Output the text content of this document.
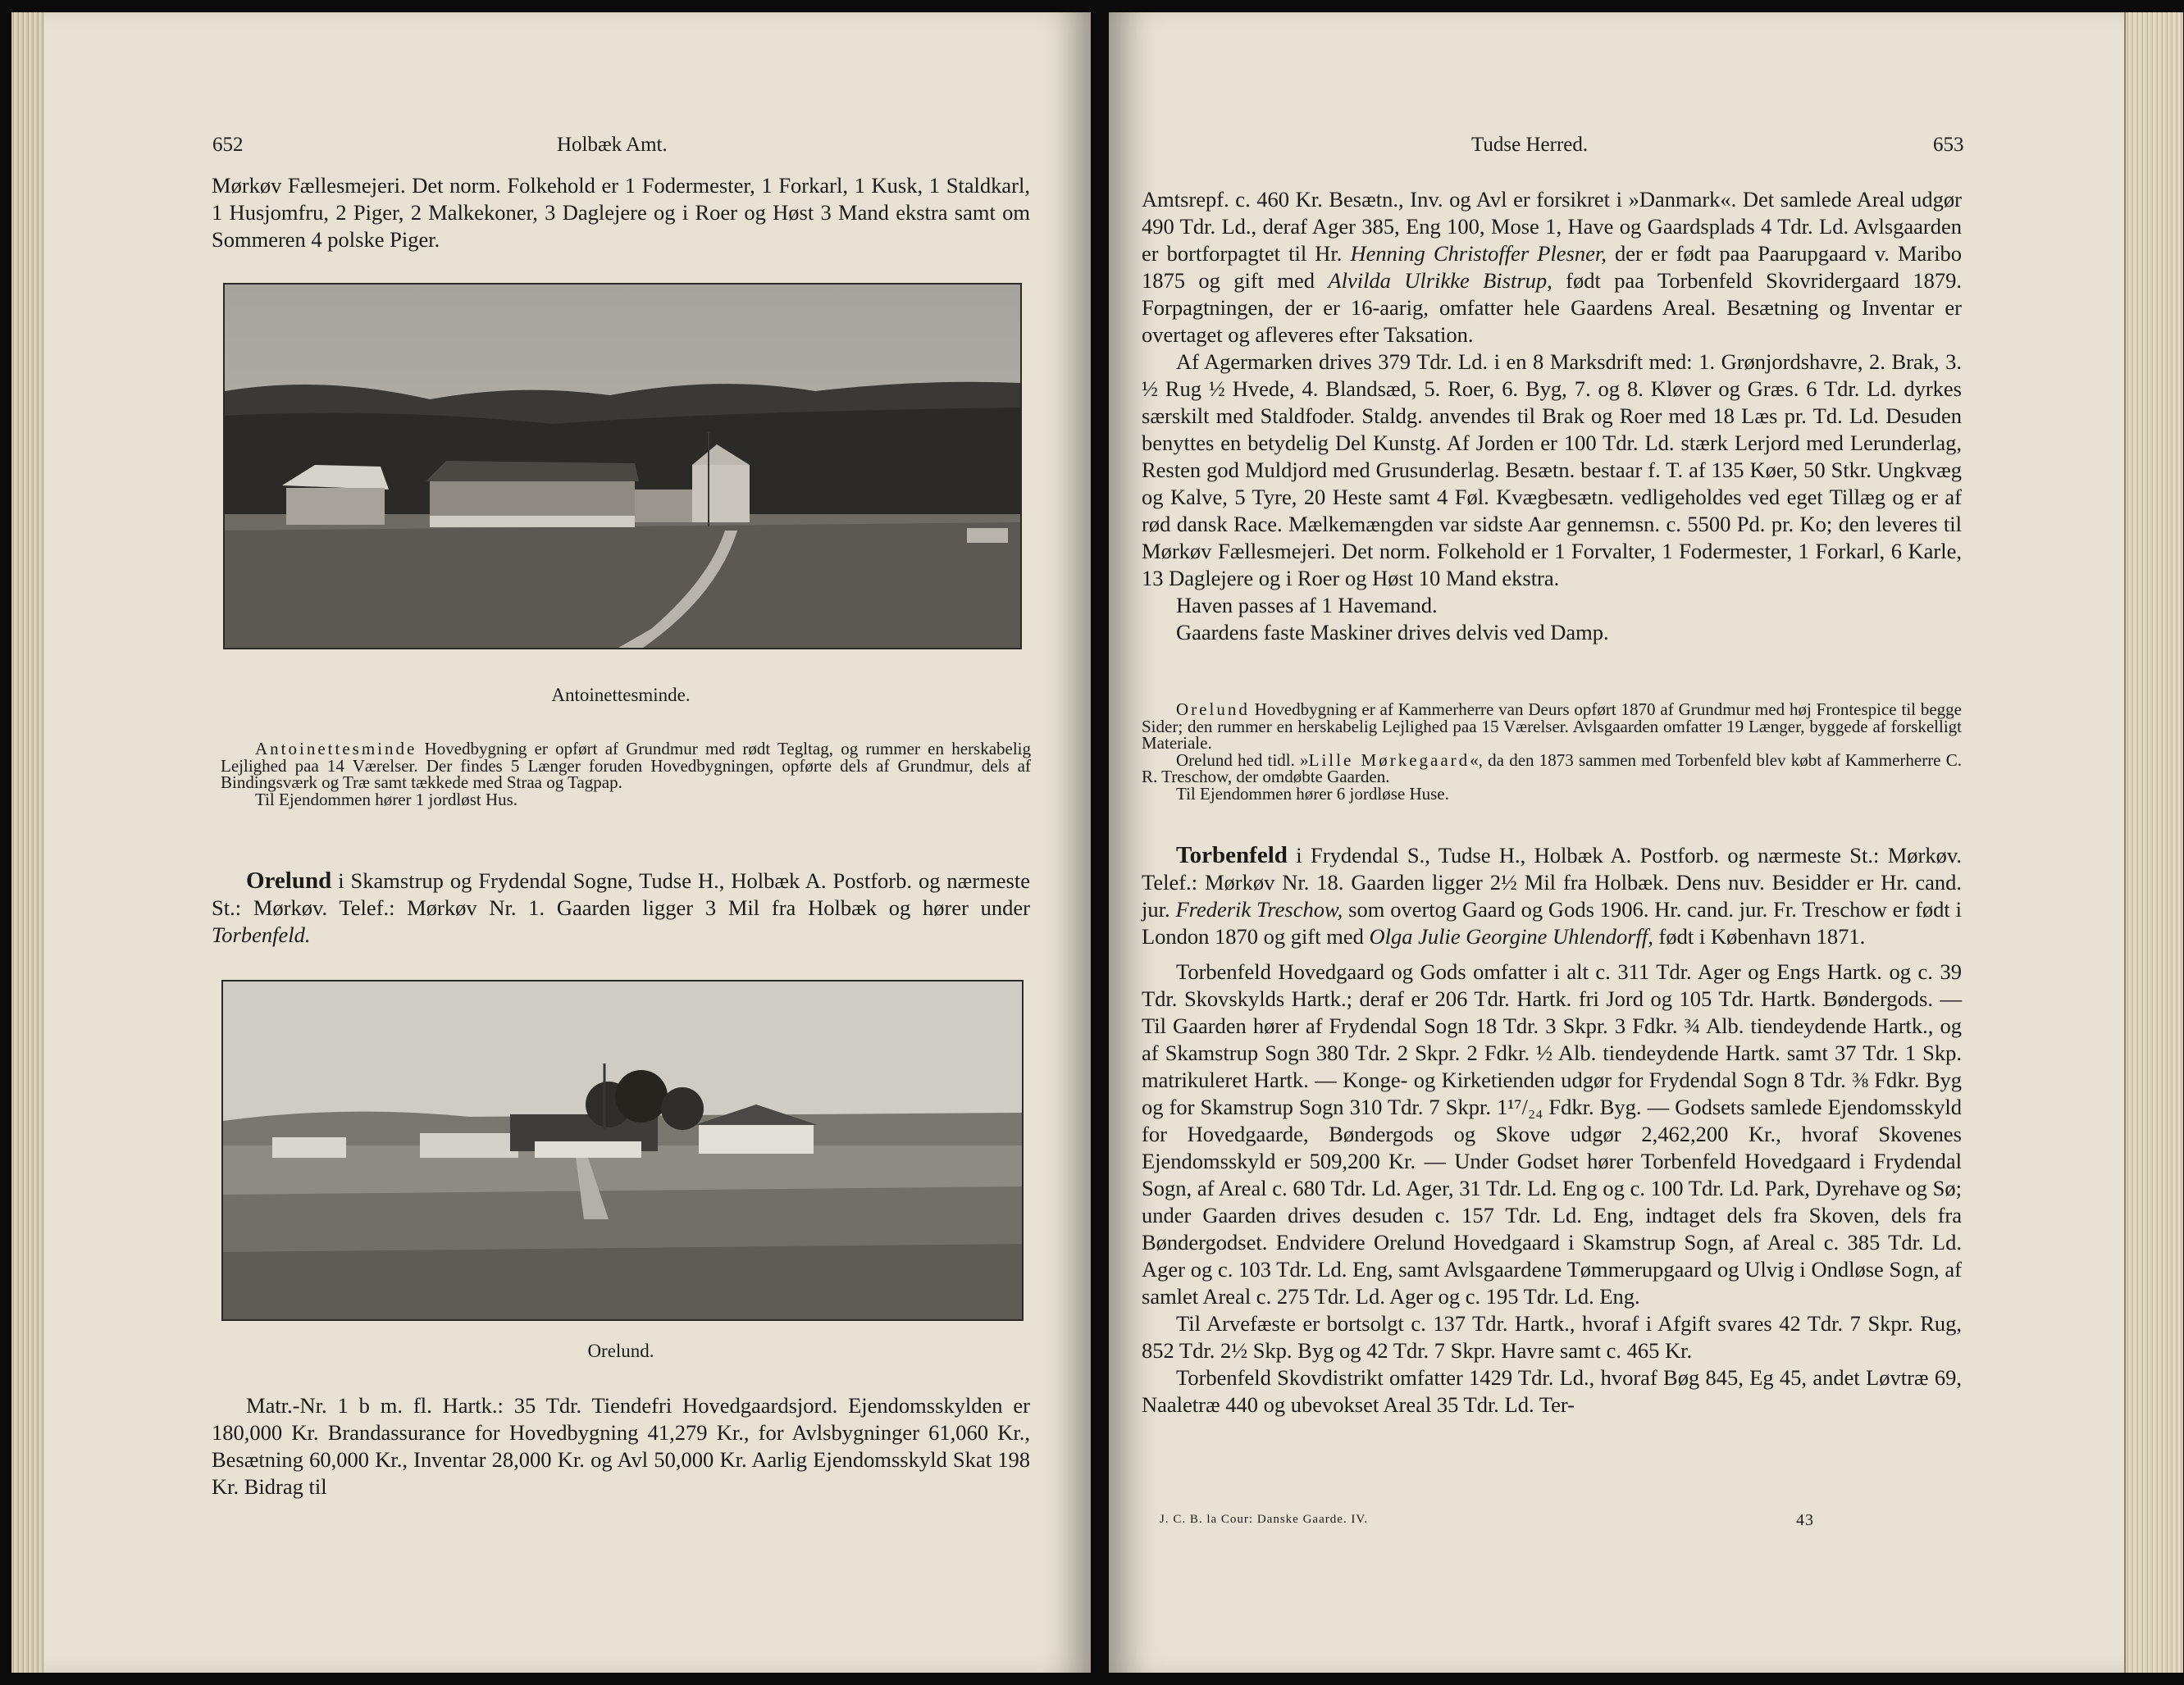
652	Holbæk Amt.

Mørkøv Fællesmejeri. Det norm. Folkehold er 1 Fodermester, 1 Forkarl, 1 Kusk, 1 Staldkarl, 1 Husjomfru, 2 Piger, 2 Malkekoner, 3 Daglejere og i Roer og Høst 3 Mand ekstra samt om Sommeren 4 polske Piger.

Antoinettesminde.

Antoinettesminde Hovedbygning er opført af Grundmur med rødt Tegltag, og rummer en herskabelig Lejlighed paa 14 Værelser. Der findes 5 Længer foruden Hovedbygningen, opførte dels af Grundmur, dels af Bindingsværk og Træ samt tækkede med Straa og Tagpap.

Til Ejendommen hører 1 jordløst Hus.

Orelund i Skamstrup og Frydendal Sogne, Tudse H., Holbæk A. Postforb. og nærmeste St.: Mørkøv. Telef.: Mørkøv Nr. 1. Gaarden ligger 3 Mil fra Holbæk og hører under Torbenfeld.

Orelund.

Matr.-Nr. 1 b m. fl. Hartk.: 35 Tdr. Tiendefri Hovedgaardsjord. Ejendomsskylden er 180,000 Kr. Brandassurance for Hovedbygning 41,279 Kr., for Avlsbygninger 61,060 Kr., Besætning 60,000 Kr., Inventar 28,000 Kr. og Avl 50,000 Kr. Aarlig Ejendomsskyld Skat 198 Kr. Bidrag til

Tudse Herred.	653

Amtsrepf. c. 460 Kr. Besætn., Inv. og Avl er forsikret i »Danmark«. Det samlede Areal udgør 490 Tdr. Ld., deraf Ager 385, Eng 100, Mose 1, Have og Gaardsplads 4 Tdr. Ld. Avlsgaarden er bortforpagtet til Hr. Henning Christoffer Plesner, der er født paa Paarupgaard v. Maribo 1875 og gift med Alvilda Ulrikke Bistrup, født paa Torbenfeld Skovridergaard 1879. Forpagtningen, der er 16-aarig, omfatter hele Gaardens Areal. Besætning og Inventar er overtaget og afleveres efter Taksation.

Af Agermarken drives 379 Tdr. Ld. i en 8 Marksdrift med: 1. Grønjordshavre, 2. Brak, 3. ½ Rug ½ Hvede, 4. Blandsæd, 5. Roer, 6. Byg, 7. og 8. Kløver og Græs. 6 Tdr. Ld. dyrkes særskilt med Staldfoder. Staldg. anvendes til Brak og Roer med 18 Læs pr. Td. Ld. Desuden benyttes en betydelig Del Kunstg. Af Jorden er 100 Tdr. Ld. stærk Lerjord med Lerunderlag, Resten god Muldjord med Grusunderlag. Besætn. bestaar f. T. af 135 Køer, 50 Stkr. Ungkvæg og Kalve, 5 Tyre, 20 Heste samt 4 Føl. Kvægbesætn. vedligeholdes ved eget Tillæg og er af rød dansk Race. Mælkemængden var sidste Aar gennemsn. c. 5500 Pd. pr. Ko; den leveres til Mørkøv Fællesmejeri. Det norm. Folkehold er 1 Forvalter, 1 Fodermester, 1 Forkarl, 6 Karle, 13 Daglejere og i Roer og Høst 10 Mand ekstra.

Haven passes af 1 Havemand.

Gaardens faste Maskiner drives delvis ved Damp.

Orelund Hovedbygning er af Kammerherre van Deurs opført 1870 af Grundmur med høj Frontespice til begge Sider; den rummer en herskabelig Lejlighed paa 15 Værelser. Avlsgaarden omfatter 19 Længer, byggede af forskelligt Materiale.

Orelund hed tidl. »Lille Mørkegaard«, da den 1873 sammen med Torbenfeld blev købt af Kammerherre C. R. Treschow, der omdøbte Gaarden.

Til Ejendommen hører 6 jordløse Huse.

Torbenfeld i Frydendal S., Tudse H., Holbæk A. Postforb. og nærmeste St.: Mørkøv. Telef.: Mørkøv Nr. 18. Gaarden ligger 2½ Mil fra Holbæk. Dens nuv. Besidder er Hr. cand. jur. Frederik Treschow, som overtog Gaard og Gods 1906. Hr. cand. jur. Fr. Treschow er født i London 1870 og gift med Olga Julie Georgine Uhlendorff, født i København 1871.

Torbenfeld Hovedgaard og Gods omfatter i alt c. 311 Tdr. Ager og Engs Hartk. og c. 39 Tdr. Skovskylds Hartk.; deraf er 206 Tdr. Hartk. fri Jord og 105 Tdr. Hartk. Bøndergods. — Til Gaarden hører af Frydendal Sogn 18 Tdr. 3 Skpr. 3 Fdkr. ¾ Alb. tiendeydende Hartk., og af Skamstrup Sogn 380 Tdr. 2 Skpr. 2 Fdkr. ½ Alb. tiendeydende Hartk. samt 37 Tdr. 1 Skp. matrikuleret Hartk. — Konge- og Kirketienden udgør for Frydendal Sogn 8 Tdr. ⅜ Fdkr. Byg og for Skamstrup Sogn 310 Tdr. 7 Skpr. 1¹⁷/₂₄ Fdkr. Byg. — Godsets samlede Ejendomsskyld for Hovedgaarde, Bøndergods og Skove udgør 2,462,200 Kr., hvoraf Skovenes Ejendomsskyld er 509,200 Kr. — Under Godset hører Torbenfeld Hovedgaard i Frydendal Sogn, af Areal c. 680 Tdr. Ld. Ager, 31 Tdr. Ld. Eng og c. 100 Tdr. Ld. Park, Dyrehave og Sø; under Gaarden drives desuden c. 157 Tdr. Ld. Eng, indtaget dels fra Skoven, dels fra Bøndergodset. Endvidere Orelund Hovedgaard i Skamstrup Sogn, af Areal c. 385 Tdr. Ld. Ager og c. 103 Tdr. Ld. Eng, samt Avlsgaardene Tømmerupgaard og Ulvig i Ondløse Sogn, af samlet Areal c. 275 Tdr. Ld. Ager og c. 195 Tdr. Ld. Eng.

Til Arvefæste er bortsolgt c. 137 Tdr. Hartk., hvoraf i Afgift svares 42 Tdr. 7 Skpr. Rug, 852 Tdr. 2½ Skp. Byg og 42 Tdr. 7 Skpr. Havre samt c. 465 Kr.

Torbenfeld Skovdistrikt omfatter 1429 Tdr. Ld., hvoraf Bøg 845, Eg 45, andet Løvtræ 69, Naaletræ 440 og ubevokset Areal 35 Tdr. Ld. Ter-

J. C. B. la Cour: Danske Gaarde. IV.	43
